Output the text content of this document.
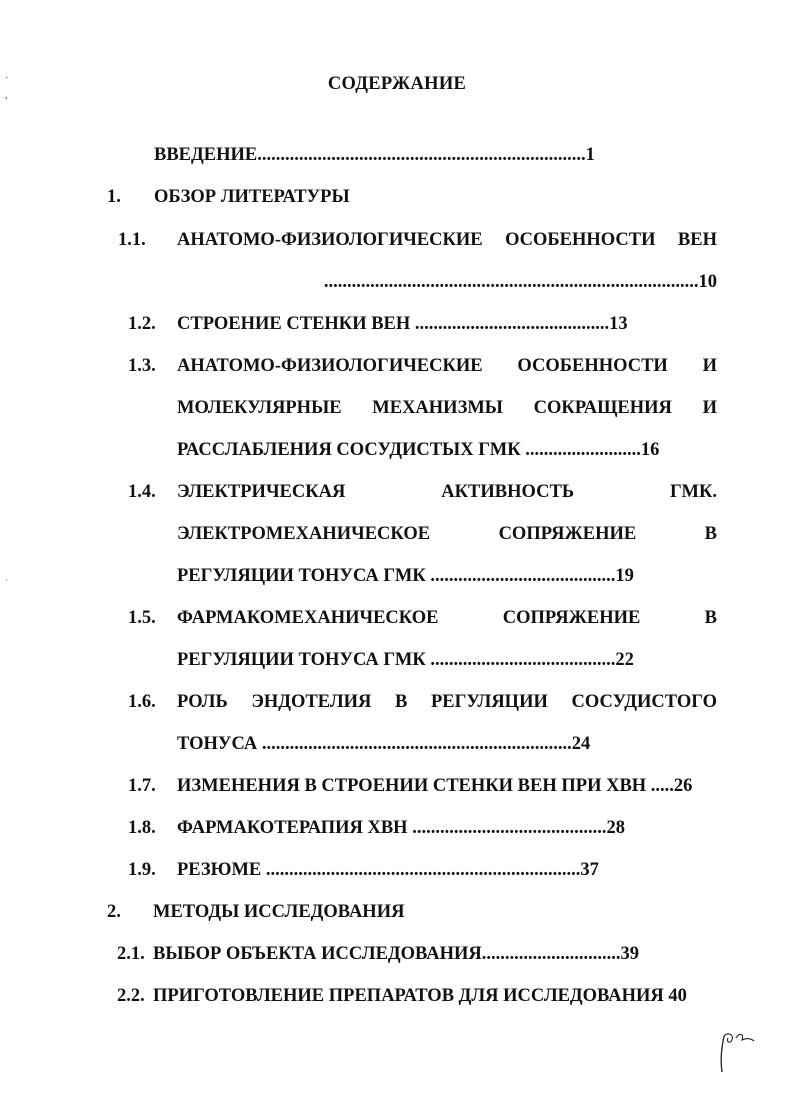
СОДЕРЖАНИЕ
ВВЕДЕНИЕ.......................................................................1
1. ОБЗОР ЛИТЕРАТУРЫ
1.1. АНАТОМО-ФИЗИОЛОГИЧЕСКИЕ ОСОБЕННОСТИ ВЕН
.................................................................................10
1.2. СТРОЕНИЕ СТЕНКИ ВЕН ..........................................13
1.3. АНАТОМО-ФИЗИОЛОГИЧЕСКИЕ ОСОБЕННОСТИ И
МОЛЕКУЛЯРНЫЕ МЕХАНИЗМЫ СОКРАЩЕНИЯ И
РАССЛАБЛЕНИЯ СОСУДИСТЫХ ГМК .........................16
1.4. ЭЛЕКТРИЧЕСКАЯ	АКТИВНОСТЬ	ГМК.
ЭЛЕКТРОМЕХАНИЧЕСКОЕ	СОПРЯЖЕНИЕ	В
РЕГУЛЯЦИИ ТОНУСА ГМК ........................................19
1.5. ФАРМАКОМЕХАНИЧЕСКОЕ	СОПРЯЖЕНИЕ	В
РЕГУЛЯЦИИ ТОНУСА ГМК ........................................22
1.6. РОЛЬ ЭНДОТЕЛИЯ В РЕГУЛЯЦИИ СОСУДИСТОГО
ТОНУСА ...................................................................24
1.7. ИЗМЕНЕНИЯ В СТРОЕНИИ СТЕНКИ ВЕН ПРИ ХВН .....26
1.8. ФАРМАКОТЕРАПИЯ ХВН ..........................................28
1.9. РЕЗЮМЕ ....................................................................37
2. МЕТОДЫ ИССЛЕДОВАНИЯ
2.1. ВЫБОР ОБЪЕКТА ИССЛЕДОВАНИЯ..............................39
2.2. ПРИГОТОВЛЕНИЕ ПРЕПАРАТОВ ДЛЯ ИССЛЕДОВАНИЯ 40
˙
,
ˌ
